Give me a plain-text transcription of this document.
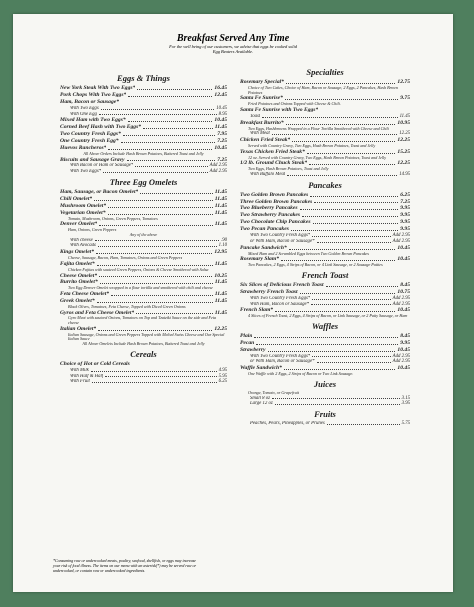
Breakfast Served Any Time
For the well being of our customers, we advise that eggs be cooked solid
Egg Beaters Available.
Eggs & Things
New York Steak With Two Eggs*	16.45
Pork Chops With Two Eggs*	12.45
Ham, Bacon or Sausage*
With Two Eggs	10.45
With One Egg	8.95
Mixed Ham with Two Eggs*	10.45
Corned Beef Hash with Two Eggs*	11.45
Two Country Fresh Eggs*	7.95
One Country Fresh Egg*	7.25
Huevos Rancheros*	10.45
All Above Orders Include Hash Brown Potatoes, Buttered Toast and Jelly
Biscuits and Sausage Gravy	7.25
With Bacon or Ham or Sausage*	Add 2.95
With Two Eggs*	Add 2.95
Three Egg Omelets
Ham, Sausage, or Bacon Omelet*	11.45
Chili Omelet*	11.45
Mushroom Omelet*	11.45
Vegetarian Omelet*	11.45
Tomato, Mushroom, Onions, Green Peppers, Tomatoes
Denver Omelet*	11.45
Ham, Onions, Green Peppers
Any of the above
With cheese	.90
With Avocado	1.10
Kings Omelet*	12.95
Cheese, Sausage, Bacon, Ham, Tomatoes, Onions and Green Peppers
Fajita Omelet*	11.45
Chicken Fajitas with sauteed Green Peppers, Onions & Cheese Smothered with Salsa
Cheese Omelet*	10.25
Burrito Omelet*	11.45
Two Egg Denver Omelet wrapped in a flour tortilla and smothered with chili and cheese
Feta Cheese Omelet*	11.45
Greek Omelet*	11.45
Black Olives, Tomatoes, Feta Cheese, Topped with Diced Green Onions
Gyros and Feta Cheese Omelet*	11.45
Gyro Meat with sauteed Onions, Tomatoes on Top and Tzatziki Sauce on the side and Feta cheese
Italian Omelet*	12.25
Italian Sausage, Onions and Green Peppers Topped with Melted Swiss Cheese and Our Special Italian Sauce
All Above Omelets Include Hash Brown Potatoes, Buttered Toast and Jelly
Cereals
Choice of Hot or Cold Cereals
With Milk	4.95
With Half & Half	5.95
With Fruit	6.25
Specialties
Rosemary Special*	12.75
Choice of Two Cakes, Choice of Ham, Bacon or Sausage, 2 Eggs, 2 Pancakes, Hash Brown Potatoes
Santa Fe Sunrise*	9.75
Fried Potatoes and Onions Topped with Cheese & Chili.
Santa Fe Sunrise with Two Eggs*
Toast	11.45
Breakfast Burrito*	10.95
Two Eggs, Hashbrowns Wrapped in a Flour Tortilla Smothered with Cheese and Chili
With Meat	12.25
Chicken Fried Steak*	12.25
Served with Country Gravy, Two Eggs, Hash Brown Potatoes, Toast and Jelly
Texas Chicken Fried Steak*	15.25
12 oz. Served with Country Gravy, Two Eggs, Hash Brown Potatoes, Toast and Jelly
1/2 lb. Ground Chuck Steak*	12.25
Two Eggs, Hash Brown Potatoes, Toast and Jelly
With Buffalo Meat	14.95
Pancakes
Two Golden Brown Pancakes	6.25
Three Golden Brown Pancakes	7.25
Two Blueberry Pancakes	9.95
Two Strawberry Pancakes	9.95
Two Chocolate Chip Pancakes	9.95
Two Pecan Pancakes	9.95
With Two Country Fresh Eggs*	Add 2.95
or With Ham, Bacon or Sausage*	Add 2.95
Pancake Sandwich*	10.45
Mixed Ham and 2 Scrambled Eggs between Two Golden Brown Pancakes
Rosemary Slam*	10.45
Two Pancakes, 2 Eggs, 4 Strips of Bacon, or 4 Link Sausage, or 2 Sausage Patties
French Toast
Six Slices of Delicious French Toast	8.45
Strawberry French Toast	10.75
With Two Country Fresh Eggs*	Add 2.95
With Ham, Bacon or Sausage*	Add 2.95
French Slam*	10.45
4 Slices of French Toast, 2 Eggs, 4 Strips of Bacon, or Link Sausage, or 2 Patty Sausage, or Ham
Waffles
Plain	8.45
Pecan	9.95
Strawberry	10.45
With Two Country Fresh Eggs*	Add 2.95
or With Ham, Bacon or Sausage*	Add 2.95
Waffle Sandwich*	10.45
One Waffle with 2 Eggs, 2 Strips of Bacon or Two Link Sausage.
Juices
Orange, Tomato, or Grapefruit
Small 8 oz	3.15
Large 12 oz	3.95
Fruits
Peaches, Pears, Pineapples, or Prunes	5.75
*Consuming raw or undercooked meats, poultry, seafood, shellfish, or eggs may increase your risk of food illness. The items on our menu with an asterisk(*) may be served raw or undercooked, or contain raw or undercooked ingredients.
